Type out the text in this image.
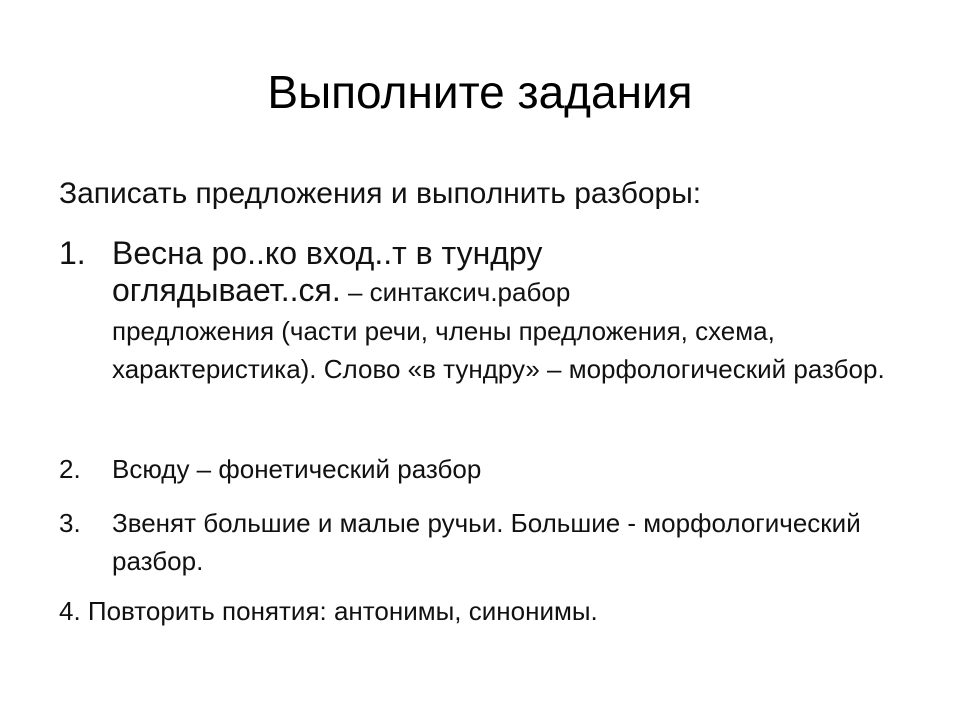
Выполните задания
Записать предложения и выполнить разборы:
1. Весна ро..ко вход..т в тундру
оглядывает..ся. – синтаксич.рабор
предложения (части речи, члены предложения, схема, характеристика). Слово «в тундру» – морфологический разбор.
2. Всюду – фонетический разбор
3. Звенят большие и малые ручьи. Большие - морфологический разбор.
4. Повторить понятия: антонимы, синонимы.
